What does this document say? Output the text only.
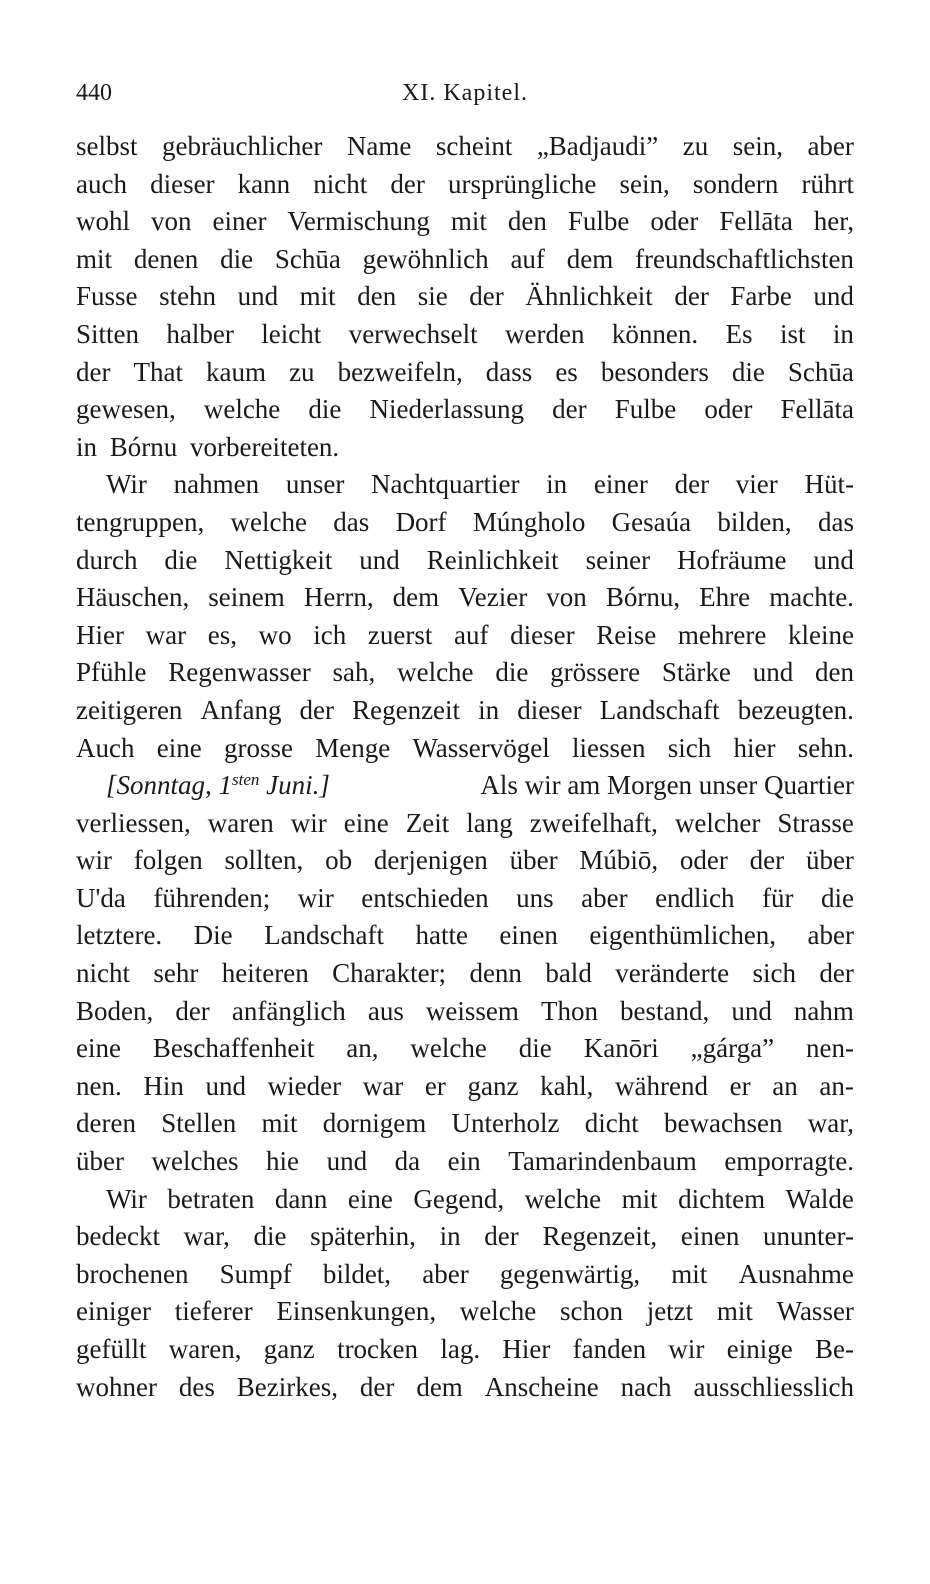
440	XI. Kapitel.
selbst gebräuchlicher Name scheint „Badjaudi” zu sein, aber
auch dieser kann nicht der ursprüngliche sein, sondern rührt
wohl von einer Vermischung mit den Fulbe oder Fellāta her,
mit denen die Schūa gewöhnlich auf dem freundschaftlichsten
Fusse stehn und mit den sie der Ähnlichkeit der Farbe und
Sitten halber leicht verwechselt werden können. Es ist in
der That kaum zu bezweifeln, dass es besonders die Schūa
gewesen, welche die Niederlassung der Fulbe oder Fellāta
in Bórnu vorbereiteten.
Wir nahmen unser Nachtquartier in einer der vier Hüt-
tengruppen, welche das Dorf Múngholo Gesaúa bilden, das
durch die Nettigkeit und Reinlichkeit seiner Hofräume und
Häuschen, seinem Herrn, dem Vezier von Bórnu, Ehre machte.
Hier war es, wo ich zuerst auf dieser Reise mehrere kleine
Pfühle Regenwasser sah, welche die grössere Stärke und den
zeitigeren Anfang der Regenzeit in dieser Landschaft bezeugten.
Auch eine grosse Menge Wasservögel liessen sich hier sehn.
[Sonntag, $1^{sten}$ Juni.]	Als wir am Morgen unser Quartier
verliessen, waren wir eine Zeit lang zweifelhaft, welcher Strasse
wir folgen sollten, ob derjenigen über Múbiō, oder der über
U'da führenden; wir entschieden uns aber endlich für die
letztere. Die Landschaft hatte einen eigenthümlichen, aber
nicht sehr heiteren Charakter; denn bald veränderte sich der
Boden, der anfänglich aus weissem Thon bestand, und nahm
eine Beschaffenheit an, welche die Kanōri „gárga” nen-
nen. Hin und wieder war er ganz kahl, während er an an-
deren Stellen mit dornigem Unterholz dicht bewachsen war,
über welches hie und da ein Tamarindenbaum emporragte.
Wir betraten dann eine Gegend, welche mit dichtem Walde
bedeckt war, die späterhin, in der Regenzeit, einen ununter-
brochenen Sumpf bildet, aber gegenwärtig, mit Ausnahme
einiger tieferer Einsenkungen, welche schon jetzt mit Wasser
gefüllt waren, ganz trocken lag. Hier fanden wir einige Be-
wohner des Bezirkes, der dem Anscheine nach ausschliesslich
